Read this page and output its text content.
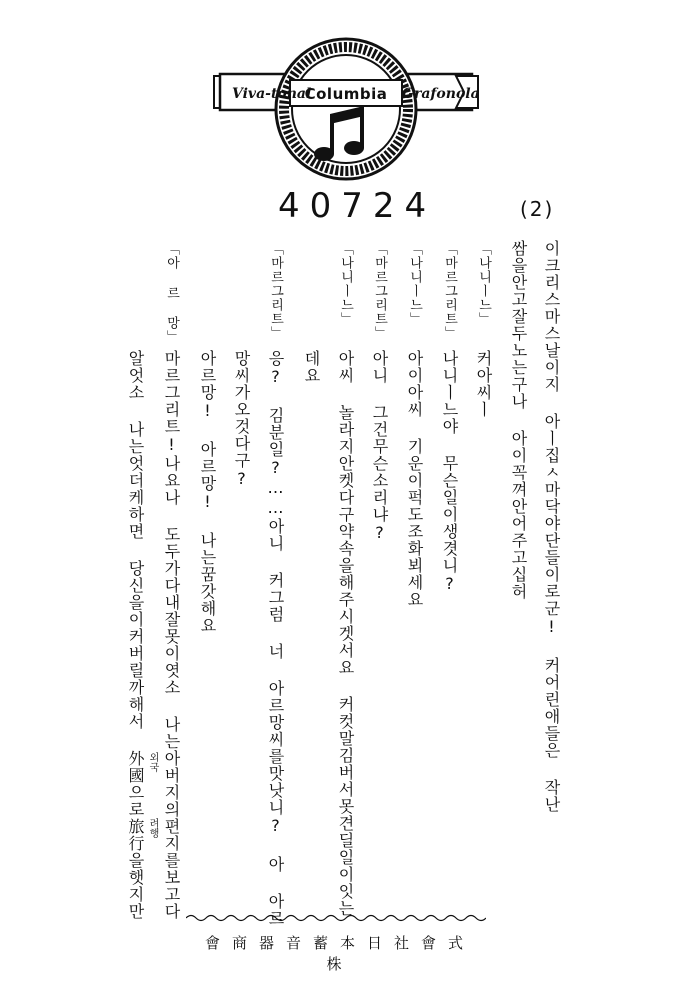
Viva-tonal
Columbia Grafonola
40724	(2)
이크리스마스날이지 아ㅣ집ㅅ마닥야단들이로군! 커어린애들은 작난
쌈을안고잘두노는구나 아이꼭껴안어주고십허
「나니ㅣ느」
커아씨ㅣ
「마르그리트」
나니ㅣ느야 무슨일이생겻니?
「나니ㅣ느」
아이아씨 기운이퍽도조화뵈세요
「마르그리트」
아니 그건무슨소리냐?
「나니ㅣ느」
아씨 놀라지안켓다구약속을해주시겟서요 커컷말김버서못견딜일이잇는
데요
「마르그리트」
응? 김분일?……아니 커그럼 너 아르망씨를맛낫니? 아 아르
망씨가오것다구?
아르망! 아르망! 나는꿈갓해요
「아 르 망」
마르그리트!나요나 도두가다내잘못이엿소 나는아버지의편지를보고다
알엇소 나는엇더케하면 당신을이커버릴까해서 外國으로旅行을햇지만 외국
려행
會商器音蓄本日社會式株
